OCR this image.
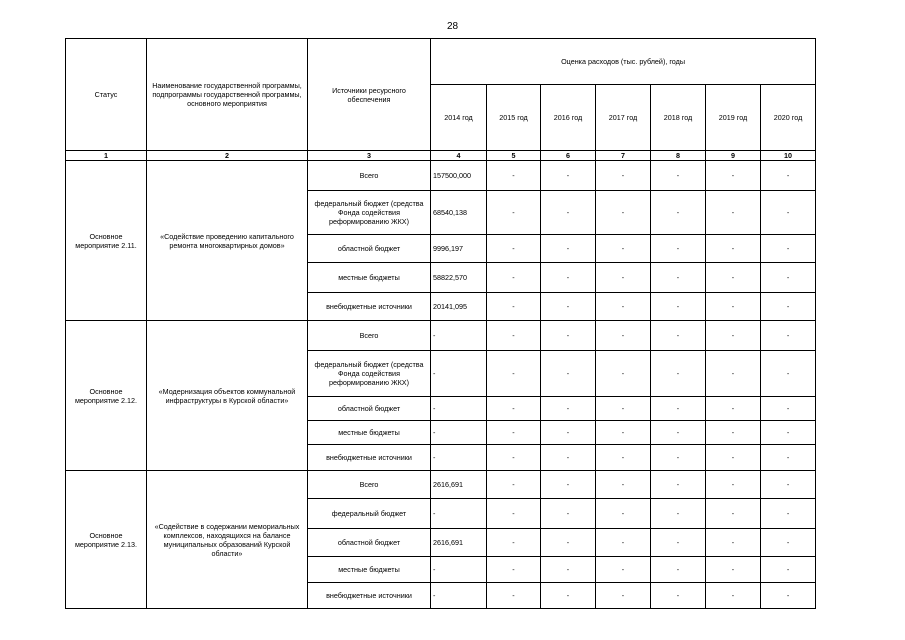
28
Статус	Наименование государственной программы, подпрограммы государственной программы, основного мероприятия	Источники ресурсного обеспечения	Оценка расходов (тыс. рублей), годы						
			2014 год	2015 год	2016 год	2017 год	2018 год	2019 год	2020 год
1	2	3	4	5	6	7	8	9	10
Основное мероприятие 2.11.	«Содействие проведению капитального ремонта многоквартирных домов»	Всего	157500,000	-	-	-	-	-	-
		федеральный бюджет (средства Фонда содействия реформированию ЖКХ)	68540,138	-	-	-	-	-	-
		областной бюджет	9996,197	-	-	-	-	-	-
		местные бюджеты	58822,570	-	-	-	-	-	-
		внебюджетные источники	20141,095	-	-	-	-	-	-
Основное мероприятие 2.12.	«Модернизация объектов коммунальной инфраструктуры в Курской области»	Всего	-	-	-	-	-	-	-
		федеральный бюджет (средства Фонда содействия реформированию ЖКХ)	-	-	-	-	-	-	-
		областной бюджет	-	-	-	-	-	-	-
		местные бюджеты	-	-	-	-	-	-	-
		внебюджетные источники	-	-	-	-	-	-	-
Основное мероприятие 2.13.	«Содействие в содержании мемориальных комплексов, находящихся на балансе муниципальных образований Курской области»	Всего	2616,691	-	-	-	-	-	-
		федеральный бюджет	-	-	-	-	-	-	-
		областной бюджет	2616,691	-	-	-	-	-	-
		местные бюджеты	-	-	-	-	-	-	-
		внебюджетные источники	-	-	-	-	-	-	-
